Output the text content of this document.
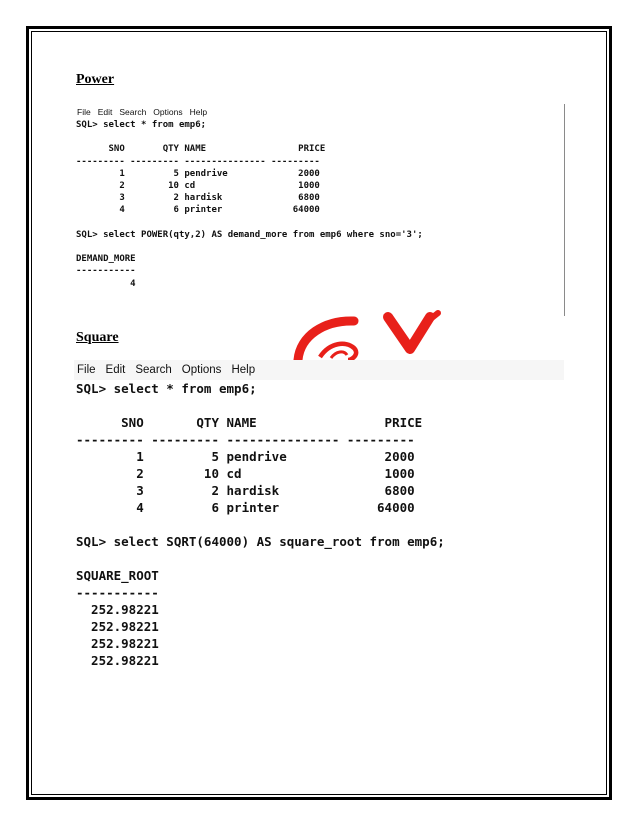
Power
File Edit Search Options Help
SQL> select * from emp6;
SNO       QTY NAME                 PRICE
--------- --------- --------------- ---------
1         5 pendrive             2000
2        10 cd                   1000
3         2 hardisk              6800
4         6 printer             64000
SQL> select POWER(qty,2) AS demand_more from emp6 where sno='3';
DEMAND_MORE
-----------
4
Square
File Edit Search Options Help
SQL> select * from emp6;
SNO       QTY NAME                 PRICE
--------- --------- --------------- ---------
1         5 pendrive             2000
2        10 cd                   1000
3         2 hardisk              6800
4         6 printer             64000
SQL> select SQRT(64000) AS square_root from emp6;
SQUARE_ROOT
-----------
252.98221
252.98221
252.98221
252.98221
